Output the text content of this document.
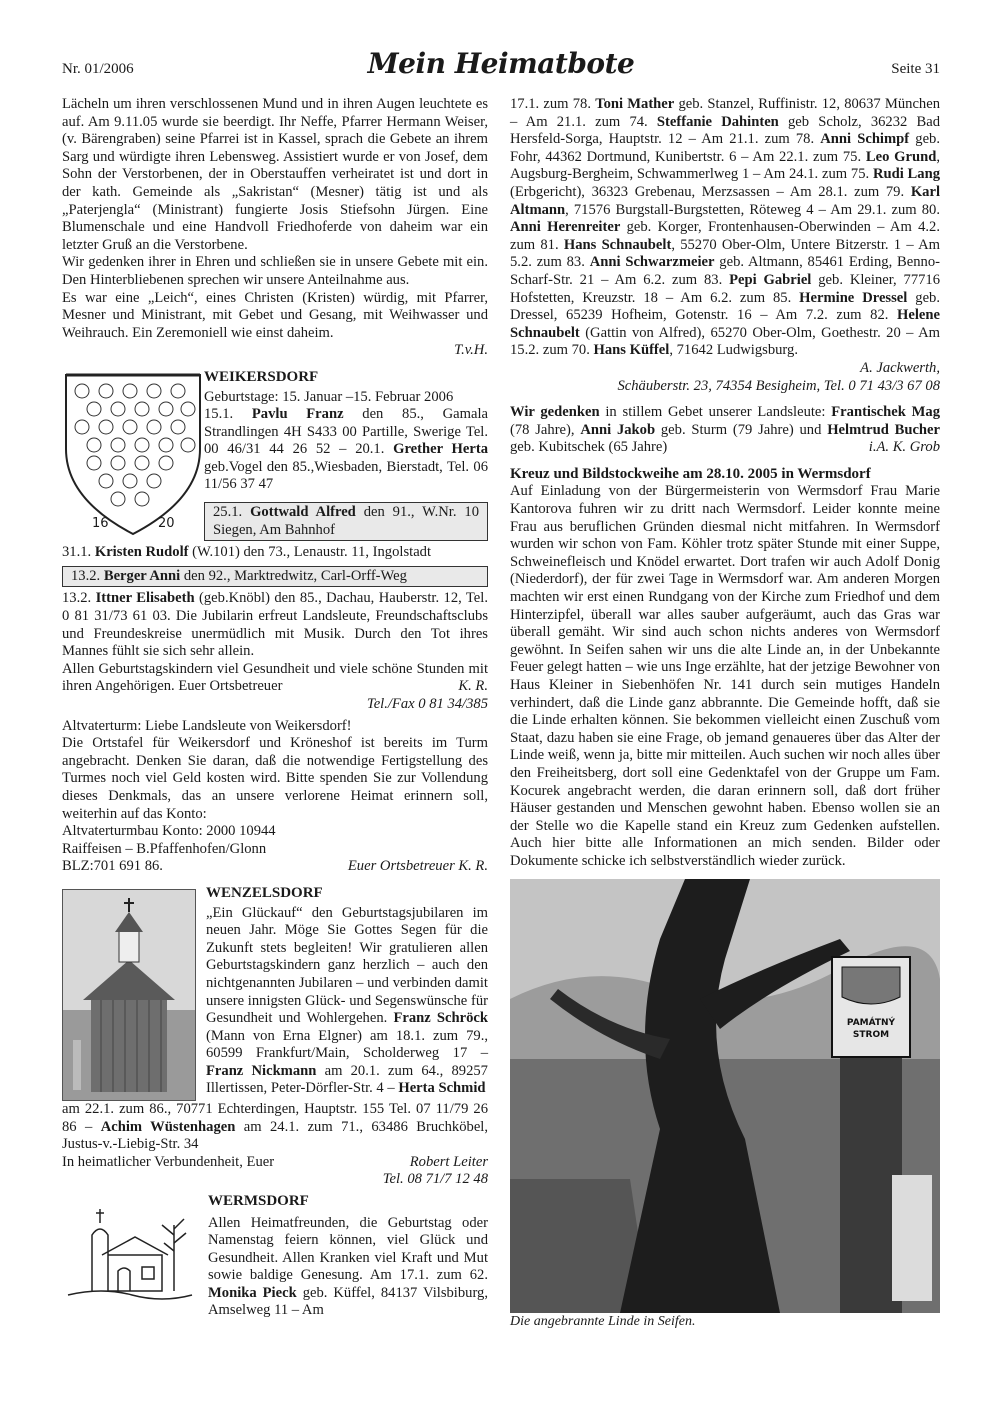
Nr. 01/2006	Mein Heimatbote	Seite 31

Lächeln um ihren verschlossenen Mund und in ihren Augen leuchtete es auf. Am 9.11.05 wurde sie beerdigt. Ihr Neffe, Pfarrer Hermann Weiser, (v. Bärengraben) seine Pfarrei ist in Kassel, sprach die Gebete an ihrem Sarg und würdigte ihren Lebensweg. Assistiert wurde er von Josef, dem Sohn der Verstorbenen, der in Oberstauffen verheiratet ist und dort in der kath. Gemeinde als „Sakristan“ (Mesner) tätig ist und als „Paterjengla“ (Ministrant) fungierte Josis Stiefsohn Jürgen. Eine Blumenschale und eine Handvoll Friedhoferde von daheim war ein letzter Gruß an die Verstorbene.

Wir gedenken ihrer in Ehren und schließen sie in unsere Gebete mit ein. Den Hinterbliebenen sprechen wir unsere Anteilnahme aus.

Es war eine „Leich“, eines Christen (Kristen) würdig, mit Pfarrer, Mesner und Ministrant, mit Gebet und Gesang, mit Weihwasser und Weihrauch. Ein Zeremoniell wie einst daheim.

T.v.H.

16	20

WEIKERSDORF

Geburtstage: 15. Januar –15. Februar 2006

15.1. Pavlu Franz den 85., Gamala Strandlingen 4H S433 00 Partille, Swerige Tel. 00 46/31 44 26 52 – 20.1. Grether Herta geb.Vogel den 85.,Wiesbaden, Bierstadt, Tel. 06 11/56 37 47

25.1. Gottwald Alfred den 91., W.Nr. 10 Siegen, Am Bahnhof

31.1. Kristen Rudolf (W.101) den 73., Lenaustr. 11, Ingolstadt

13.2. Berger Anni den 92., Marktredwitz, Carl-Orff-Weg

13.2. Ittner Elisabeth (geb.Knöbl) den 85., Dachau, Hauberstr. 12, Tel. 0 81 31/73 61 03. Die Jubilarin erfreut Landsleute, Freundschaftsclubs und Freundeskreise unermüdlich mit Musik. Durch den Tot ihres Mannes fühlt sie sich sehr allein.

Allen Geburtstagskindern viel Gesundheit und viele schöne Stunden mit ihren Angehörigen. Euer Ortsbetreuer	K. R.

Tel./Fax 0 81 34/385

Altvaterturm: Liebe Landsleute von Weikersdorf!

Die Ortstafel für Weikersdorf und Kröneshof ist bereits im Turm angebracht. Denken Sie daran, daß die notwendige Fertigstellung des Turmes noch viel Geld kosten wird. Bitte spenden Sie zur Vollendung dieses Denkmals, das an unsere verlorene Heimat erinnern soll, weiterhin auf das Konto:

Altvaterturmbau Konto: 2000 10944

Raiffeisen – B.Pfaffenhofen/Glonn

BLZ:701 691 86.	Euer Ortsbetreuer K. R.

WENZELSDORF

„Ein Glückauf“ den Geburtstagsjubilaren im neuen Jahr. Möge Sie Gottes Segen für die Zukunft stets begleiten! Wir gratulieren allen Geburtstagskindern ganz herzlich – auch den nichtgenannten Jubilaren – und verbinden damit unsere innigsten Glück- und Segenswünsche für Gesundheit und Wohlergehen. Franz Schröck (Mann von Erna Elgner) am 18.1. zum 79., 60599 Frankfurt/Main, Scholderweg 17 – Franz Nickmann am 20.1. zum 64., 89257 Illertissen, Peter-Dörfler-Str. 4 – Herta Schmid

am 22.1. zum 86., 70771 Echterdingen, Hauptstr. 155 Tel. 07 11/79 26 86 – Achim Wüstenhagen am 24.1. zum 71., 63486 Bruchköbel, Justus-v.-Liebig-Str. 34

In heimatlicher Verbundenheit, Euer	Robert Leiter

Tel. 08 71/7 12 48

WERMSDORF

Allen Heimatfreunden, die Geburtstag oder Namenstag feiern können, viel Glück und Gesundheit. Allen Kranken viel Kraft und Mut sowie baldige Genesung. Am 17.1. zum 62. Monika Pieck geb. Küffel, 84137 Vilsbiburg, Amselweg 11 – Am

17.1. zum 78. Toni Mather geb. Stanzel, Ruffinistr. 12, 80637 München – Am 21.1. zum 74. Steffanie Dahinten geb Scholz, 36232 Bad Hersfeld-Sorga, Hauptstr. 12 – Am 21.1. zum 78. Anni Schimpf geb. Fohr, 44362 Dortmund, Kunibertstr. 6 – Am 22.1. zum 75. Leo Grund, Augsburg-Bergheim, Schwammerlweg 1 – Am 24.1. zum 75. Rudi Lang (Erbgericht), 36323 Grebenau, Merzsassen – Am 28.1. zum 79. Karl Altmann, 71576 Burgstall-Burgstetten, Röteweg 4 – Am 29.1. zum 80. Anni Herenreiter geb. Korger, Frontenhausen-Oberwinden – Am 4.2. zum 81. Hans Schnaubelt, 55270 Ober-Olm, Untere Bitzerstr. 1 – Am 5.2. zum 83. Anni Schwarzmeier geb. Altmann, 85461 Erding, Benno-Scharf-Str. 21 – Am 6.2. zum 83. Pepi Gabriel geb. Kleiner, 77716 Hofstetten, Kreuzstr. 18 – Am 6.2. zum 85. Hermine Dressel geb. Dressel, 65239 Hofheim, Gotenstr. 16 – Am 7.2. zum 82. Helene Schnaubelt (Gattin von Alfred), 65270 Ober-Olm, Goethestr. 20 – Am 15.2. zum 70. Hans Küffel, 71642 Ludwigsburg.

A. Jackwerth,

Schäuberstr. 23, 74354 Besigheim, Tel. 0 71 43/3 67 08

Wir gedenken in stillem Gebet unserer Landsleute: Frantischek Mag (78 Jahre), Anni Jakob geb. Sturm (79 Jahre) und Helmtrud Bucher geb. Kubitschek (65 Jahre)	i.A. K. Grob

Kreuz und Bildstockweihe am 28.10. 2005 in Wermsdorf

Auf Einladung von der Bürgermeisterin von Wermsdorf Frau Marie Kantorova fuhren wir zu dritt nach Wermsdorf. Leider konnte meine Frau aus beruflichen Gründen diesmal nicht mitfahren. In Wermsdorf wurden wir schon von Fam. Köhler trotz später Stunde mit einer Suppe, Schweinefleisch und Knödel erwartet. Dort trafen wir auch Adolf Donig (Niederdorf), der für zwei Tage in Wermsdorf war. Am anderen Morgen machten wir erst einen Rundgang von der Kirche zum Friedhof und dem Hinterzipfel, überall war alles sauber aufgeräumt, auch das Gras war überall gemäht. Wir sind auch schon nichts anderes von Wermsdorf gewöhnt. In Seifen sahen wir uns die alte Linde an, in der Unbekannte Feuer gelegt hatten – wie uns Inge erzählte, hat der jetzige Bewohner von Haus Kleiner in Siebenhöfen Nr. 141 durch sein mutiges Handeln verhindert, daß die Linde ganz abbrannte. Die Gemeinde hofft, daß sie die Linde erhalten können. Sie bekommen vielleicht einen Zuschuß vom Staat, dazu haben sie eine Frage, ob jemand genaueres über das Alter der Linde weiß, wenn ja, bitte mir mitteilen. Auch suchen wir noch alles über den Freiheitsberg, dort soll eine Gedenktafel von der Gruppe um Fam. Kocurek angebracht werden, die daran erinnern soll, daß dort früher Häuser gestanden und Menschen gewohnt haben. Ebenso wollen sie an der Stelle wo die Kapelle stand ein Kreuz zum Gedenken aufstellen. Auch hier bitte alle Informationen an mich senden. Bilder oder Dokumente schicke ich selbstverständlich wieder zurück.

PAMÁTNÝ
STROM

Die angebrannte Linde in Seifen.
